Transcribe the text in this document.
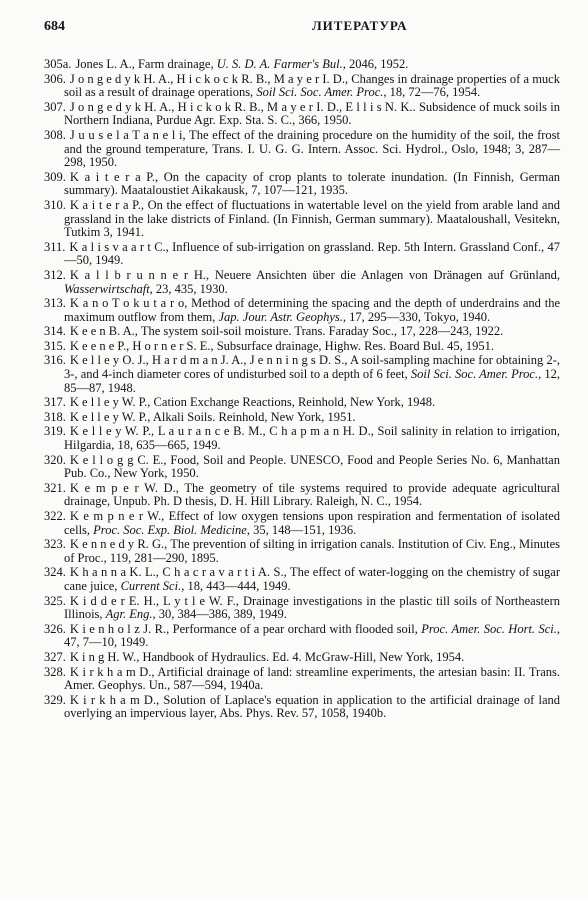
684	ЛИТЕРАТУРА

305a. Jones L. A., Farm drainage, U. S. D. A. Farmer's Bul., 2046, 1952.

306. J o n g e d y k H. A., H i c k o c k R. B., M a y e r I. D., Changes in drainage properties of a muck soil as a result of drainage operations, Soil Sci. Soc. Amer. Proc., 18, 72—76, 1954.

307. J o n g e d y k H. A., H i c k o k R. B., M a y e r I. D., E l l i s N. K.. Subsidence of muck soils in Northern Indiana, Purdue Agr. Exp. Sta. S. C., 366, 1950.

308. J u u s e l a T a n e l i, The effect of the draining procedure on the humidity of the soil, the frost and the ground temperature, Trans. I. U. G. G. Intern. Assoc. Sci. Hydrol., Oslo, 1948; 3, 287—298, 1950.

309. K a i t e r a P., On the capacity of crop plants to tolerate inundation. (In Finnish, German summary). Maataloustiet Aikakausk, 7, 107—121, 1935.

310. K a i t e r a P., On the effect of fluctuations in watertable level on the yield from arable land and grassland in the lake districts of Finland. (In Finnish, German summary). Maataloushall, Vesitekn, Tutkim 3, 1941.

311. K a l i s v a a r t C., Influence of sub-irrigation on grassland. Rep. 5th Intern. Grassland Conf., 47—50, 1949.

312. K a l l b r u n n e r H., Neuere Ansichten über die Anlagen von Dränagen auf Grünland, Wasserwirtschaft, 23, 435, 1930.

313. K a n o T o k u t a r o, Method of determining the spacing and the depth of underdrains and the maximum outflow from them, Jap. Jour. Astr. Geophys., 17, 295—330, Tokyo, 1940.

314. K e e n B. A., The system soil-soil moisture. Trans. Faraday Soc., 17, 228—243, 1922.

315. K e e n e P., H o r n e r S. E., Subsurface drainage, Highw. Res. Board Bul. 45, 1951.

316. K e l l e y O. J., H a r d m a n J. A., J e n n i n g s D. S., A soil-sampling machine for obtaining 2-, 3-, and 4-inch diameter cores of undisturbed soil to a depth of 6 feet, Soil Sci. Soc. Amer. Proc., 12, 85—87, 1948.

317. K e l l e y W. P., Cation Exchange Reactions, Reinhold, New York, 1948.

318. K e l l e y W. P., Alkali Soils. Reinhold, New York, 1951.

319. K e l l e y W. P., L a u r a n c e B. M., C h a p m a n H. D., Soil salinity in relation to irrigation, Hilgardia, 18, 635—665, 1949.

320. K e l l o g g C. E., Food, Soil and People. UNESCO, Food and People Series No. 6, Manhattan Pub. Co., New York, 1950.

321. K e m p e r W. D., The geometry of tile systems required to provide adequate agricultural drainage, Unpub. Ph. D thesis, D. H. Hill Library. Raleigh, N. C., 1954.

322. K e m p n e r W., Effect of low oxygen tensions upon respiration and fermentation of isolated cells, Proc. Soc. Exp. Biol. Medicine, 35, 148—151, 1936.

323. K e n n e d y R. G., The prevention of silting in irrigation canals. Institution of Civ. Eng., Minutes of Proc., 119, 281—290, 1895.

324. K h a n n a K. L., C h a c r a v a r t i A. S., The effect of water-logging on the chemistry of sugar cane juice, Current Sci., 18, 443—444, 1949.

325. K i d d e r E. H., L y t l e W. F., Drainage investigations in the plastic till soils of Northeastern Illinois, Agr. Eng., 30, 384—386, 389, 1949.

326. K i e n h o l z J. R., Performance of a pear orchard with flooded soil, Proc. Amer. Soc. Hort. Sci., 47, 7—10, 1949.

327. K i n g H. W., Handbook of Hydraulics. Ed. 4. McGraw-Hill, New York, 1954.

328. K i r k h a m D., Artificial drainage of land: streamline experiments, the artesian basin: II. Trans. Amer. Geophys. Un., 587—594, 1940a.

329. K i r k h a m D., Solution of Laplace's equation in application to the artificial drainage of land overlying an impervious layer, Abs. Phys. Rev. 57, 1058, 1940b.
